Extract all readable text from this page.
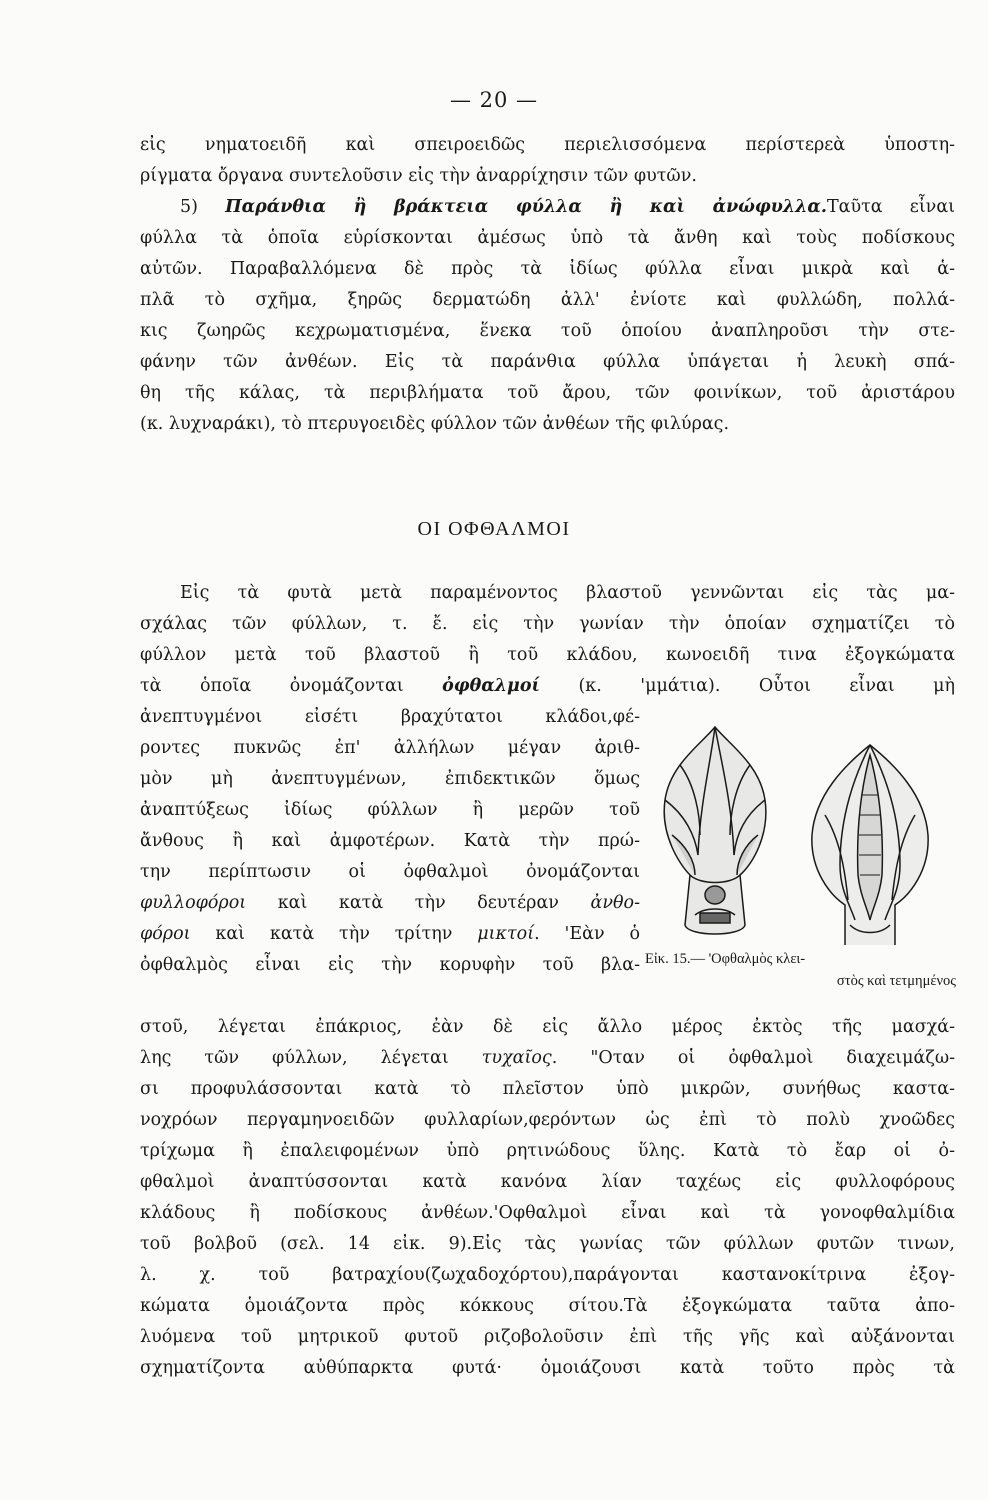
— 20 —
εἰς νηματοειδῆ καὶ σπειροειδῶς περιελισσόμενα περίστερεὰ ὑποστη-
ρίγματα ὄργανα συντελοῦσιν εἰς τὴν ἀναρρίχησιν τῶν φυτῶν.
5) Παράνθια ἢ βράκτεια φύλλα ἢ καὶ ἀνώφυλλα.Ταῦτα εἶναι
φύλλα τὰ ὁποῖα εὑρίσκονται ἀμέσως ὑπὸ τὰ ἄνθη καὶ τοὺς ποδίσκους
αὐτῶν. Παραβαλλόμενα δὲ πρὸς τὰ ἰδίως φύλλα εἶναι μικρὰ καὶ ἁ-
πλᾶ τὸ σχῆμα, ξηρῶς δερματώδη ἀλλ' ἐνίοτε καὶ φυλλώδη, πολλά-
κις ζωηρῶς κεχρωματισμένα, ἕνεκα τοῦ ὁποίου ἀναπληροῦσι τὴν στε-
φάνην τῶν ἀνθέων. Εἰς τὰ παράνθια φύλλα ὑπάγεται ἡ λευκὴ σπά-
θη τῆς κάλας, τὰ περιβλήματα τοῦ ἄρου, τῶν φοινίκων, τοῦ ἀριστάρου
(κ. λυχναράκι), τὸ πτερυγοειδὲς φύλλον τῶν ἀνθέων τῆς φιλύρας.
ΟΙ ΟΦΘΑΛΜΟΙ
Εἰς τὰ φυτὰ μετὰ παραμένοντος βλαστοῦ γεννῶνται εἰς τὰς μα-
σχάλας τῶν φύλλων, τ. ἔ. εἰς τὴν γωνίαν τὴν ὁποίαν σχηματίζει τὸ
φύλλον μετὰ τοῦ βλαστοῦ ἢ τοῦ κλάδου, κωνοειδῆ τινα ἐξογκώματα
τὰ ὁποῖα ὀνομάζονται ὀφθαλμοί (κ. 'μμάτια). Οὗτοι εἶναι μὴ
ἀνεπτυγμένοι εἰσέτι βραχύτατοι κλάδοι,φέ-
ροντες πυκνῶς ἐπ' ἀλλήλων μέγαν ἀριθ-
μὸν μὴ ἀνεπτυγμένων, ἐπιδεκτικῶν ὅμως
ἀναπτύξεως ἰδίως φύλλων ἢ μερῶν τοῦ
ἄνθους ἢ καὶ ἀμφοτέρων. Κατὰ τὴν πρώ-
την περίπτωσιν οἱ ὀφθαλμοὶ ὀνομάζονται
φυλλοφόροι καὶ κατὰ τὴν δευτέραν ἀνθο-
φόροι καὶ κατὰ τὴν τρίτην μικτοί. 'Εὰν ὁ
ὀφθαλμὸς εἶναι εἰς τὴν κορυφὴν τοῦ βλα- Εἰκ. 15.— 'Οφθαλμὸς κλει-
στὸς καὶ τετμημένος
στοῦ, λέγεται ἐπάκριος, ἐὰν δὲ εἰς ἄλλο μέρος ἐκτὸς τῆς μασχά-
λης τῶν φύλλων, λέγεται τυχαῖος. "Οταν οἱ ὀφθαλμοὶ διαχειμάζω-
σι προφυλάσσονται κατὰ τὸ πλεῖστον ὑπὸ μικρῶν, συνήθως καστα-
νοχρόων περγαμηνοειδῶν φυλλαρίων,φερόντων ὡς ἐπὶ τὸ πολὺ χνοῶδες
τρίχωμα ἢ ἐπαλειφομένων ὑπὸ ρητινώδους ὕλης. Κατὰ τὸ ἔαρ οἱ ὀ-
φθαλμοὶ ἀναπτύσσονται κατὰ κανόνα λίαν ταχέως εἰς φυλλοφόρους
κλάδους ἢ ποδίσκους ἀνθέων.'Οφθαλμοὶ εἶναι καὶ τὰ γονοφθαλμίδια
τοῦ βολβοῦ (σελ. 14 εἰκ. 9).Εἰς τὰς γωνίας τῶν φύλλων φυτῶν τινων,
λ. χ. τοῦ βατραχίου(ζωχαδοχόρτου),παράγονται καστανοκίτρινα ἐξογ-
κώματα ὁμοιάζοντα πρὸς κόκκους σίτου.Τὰ ἐξογκώματα ταῦτα ἀπο-
λυόμενα τοῦ μητρικοῦ φυτοῦ ριζοβολοῦσιν ἐπὶ τῆς γῆς καὶ αὐξάνονται
σχηματίζοντα αὐθύπαρκτα φυτά· ὁμοιάζουσι κατὰ τοῦτο πρὸς τὰ
